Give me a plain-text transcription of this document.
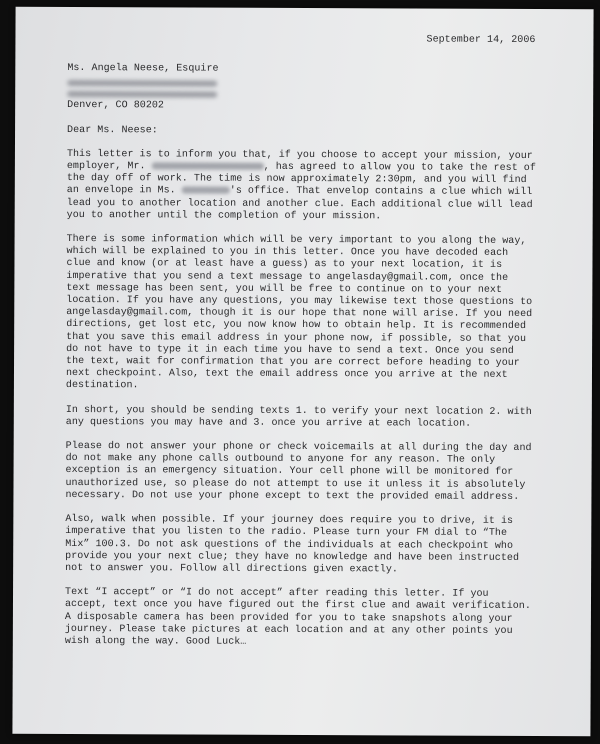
September 14, 2006
Ms. Angela Neese, Esquire
Denver, CO 80202
Dear Ms. Neese:

This letter is to inform you that, if you choose to accept your mission, your employer, Mr.	, has agreed to allow you to take the rest of the day off of work. The time is now approximately 2:30pm, and you will find an envelope in Ms.	's office. That envelop contains a clue which will lead you to another location and another clue. Each additional clue will lead you to another until the completion of your mission.

There is some information which will be very important to you along the way, which will be explained to you in this letter. Once you have decoded each clue and know (or at least have a guess) as to your next location, it is imperative that you send a text message to angelasday@gmail.com, once the text message has been sent, you will be free to continue on to your next location. If you have any questions, you may likewise text those questions to angelasday@gmail.com, though it is our hope that none will arise. If you need directions, get lost etc, you now know how to obtain help. It is recommended that you save this email address in your phone now, if possible, so that you do not have to type it in each time you have to send a text. Once you send the text, wait for confirmation that you are correct before heading to your next checkpoint. Also, text the email address once you arrive at the next destination.

In short, you should be sending texts 1. to verify your next location 2. with any questions you may have and 3. once you arrive at each location.

Please do not answer your phone or check voicemails at all during the day and do not make any phone calls outbound to anyone for any reason. The only exception is an emergency situation. Your cell phone will be monitored for unauthorized use, so please do not attempt to use it unless it is absolutely necessary. Do not use your phone except to text the provided email address.

Also, walk when possible. If your journey does require you to drive, it is imperative that you listen to the radio. Please turn your FM dial to “The Mix” 100.3. Do not ask questions of the individuals at each checkpoint who provide you your next clue; they have no knowledge and have been instructed not to answer you. Follow all directions given exactly.

Text “I accept” or “I do not accept” after reading this letter. If you accept, text once you have figured out the first clue and await verification. A disposable camera has been provided for you to take snapshots along your journey. Please take pictures at each location and at any other points you wish along the way. Good Luck…
